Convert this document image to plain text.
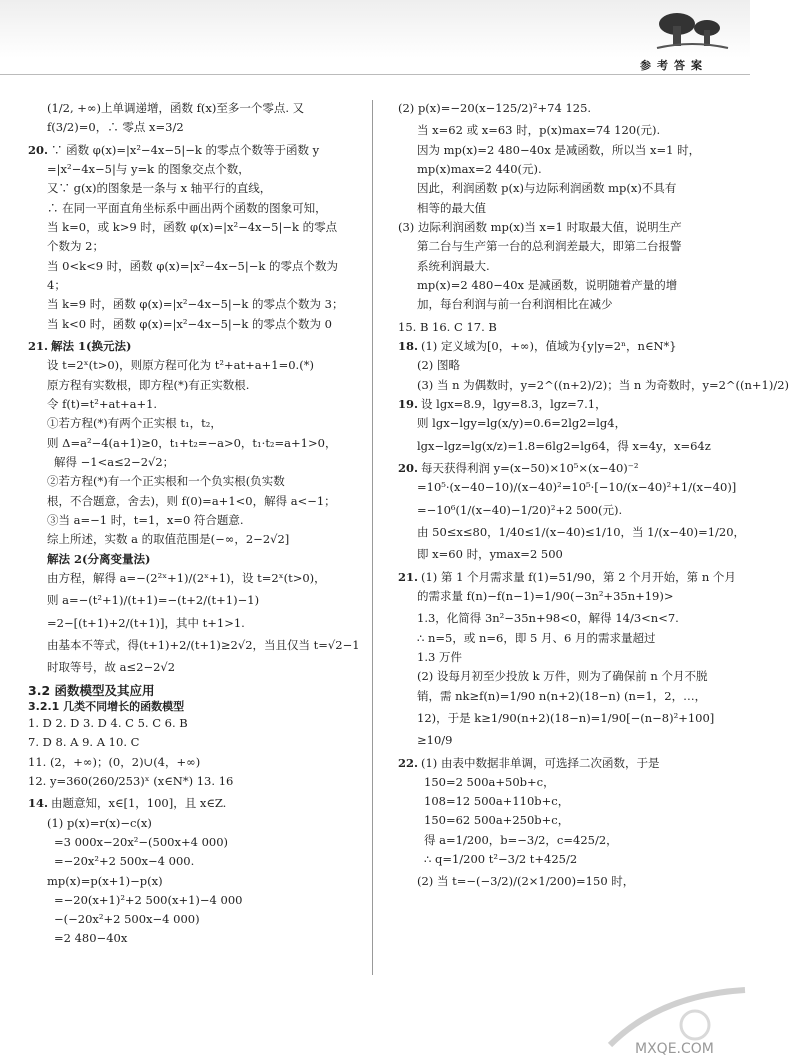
参考答案
(1/2, +∞)上单调递增，函数 f(x)至多一个零点. 又
f(3/2)=0，∴ 零点 x=3/2
20. ∵ 函数 φ(x)=|x²−4x−5|−k 的零点个数等于函数 y
=|x²−4x−5|与 y=k 的图象交点个数，
又∵ g(x)的图象是一条与 x 轴平行的直线，
∴ 在同一平面直角坐标系中画出两个函数的图象可知，
当 k=0，或 k>9 时，函数 φ(x)=|x²−4x−5|−k 的零点
个数为 2；
当 0<k<9 时，函数 φ(x)=|x²−4x−5|−k 的零点个数为
4；
当 k=9 时，函数 φ(x)=|x²−4x−5|−k 的零点个数为 3；
当 k<0 时，函数 φ(x)=|x²−4x−5|−k 的零点个数为 0
21. 解法 1(换元法)
设 t=2ˣ(t>0)，则原方程可化为 t²+at+a+1=0.(*)
原方程有实数根，即方程(*)有正实数根.
令 f(t)=t²+at+a+1.
①若方程(*)有两个正实根 t₁，t₂，
则 Δ=a²−4(a+1)≥0，t₁+t₂=−a>0，t₁·t₂=a+1>0，
解得 −1<a≤2−2√2；
②若方程(*)有一个正实根和一个负实根(负实数
根，不合题意，舍去)，则 f(0)=a+1<0，解得 a<−1；
③当 a=−1 时，t=1，x=0 符合题意.
综上所述，实数 a 的取值范围是(−∞，2−2√2]
解法 2(分离变量法)
由方程，解得 a=−(2²ˣ+1)/(2ˣ+1)，设 t=2ˣ(t>0)，
则 a=−(t²+1)/(t+1)=−(t+2/(t+1)−1)
=2−[(t+1)+2/(t+1)]，其中 t+1>1.
由基本不等式，得(t+1)+2/(t+1)≥2√2，当且仅当 t=√2−1
时取等号，故 a≤2−2√2
3.2 函数模型及其应用
3.2.1 几类不同增长的函数模型
1. D 2. D 3. D 4. C 5. C 6. B
7. D 8. A 9. A 10. C
11. (2，+∞)；(0，2)∪(4，+∞)
12. y=360(260/253)ˣ (x∈N*) 13. 16
14. 由题意知，x∈[1，100]，且 x∈Z.
(1) p(x)=r(x)−c(x)
=3 000x−20x²−(500x+4 000)
=−20x²+2 500x−4 000.
mp(x)=p(x+1)−p(x)
=−20(x+1)²+2 500(x+1)−4 000
−(−20x²+2 500x−4 000)
=2 480−40x
(2) p(x)=−20(x−125/2)²+74 125.
当 x=62 或 x=63 时，p(x)max=74 120(元).
因为 mp(x)=2 480−40x 是减函数，所以当 x=1 时，
mp(x)max=2 440(元).
因此，利润函数 p(x)与边际利润函数 mp(x)不具有
相等的最大值
(3) 边际利润函数 mp(x)当 x=1 时取最大值，说明生产
第二台与生产第一台的总利润差最大，即第二台报警
系统利润最大.
mp(x)=2 480−40x 是减函数，说明随着产量的增
加，每台利润与前一台利润相比在减少
15. B 16. C 17. B
18. (1) 定义域为[0，+∞)，值域为{y|y=2ⁿ，n∈N*}
(2) 图略
(3) 当 n 为偶数时，y=2^((n+2)/2)；当 n 为奇数时，y=2^((n+1)/2)
19. 设 lgx=8.9，lgy=8.3，lgz=7.1，
则 lgx−lgy=lg(x/y)=0.6=2lg2=lg4，
lgx−lgz=lg(x/z)=1.8=6lg2=lg64，得 x=4y，x=64z
20. 每天获得利润 y=(x−50)×10⁵×(x−40)⁻²
=10⁵·(x−40−10)/(x−40)²=10⁵·[−10/(x−40)²+1/(x−40)]
=−10⁶(1/(x−40)−1/20)²+2 500(元).
由 50≤x≤80，1/40≤1/(x−40)≤1/10，当 1/(x−40)=1/20，
即 x=60 时，ymax=2 500
21. (1) 第 1 个月需求量 f(1)=51/90，第 2 个月开始，第 n 个月
的需求量 f(n)−f(n−1)=1/90(−3n²+35n+19)>
1.3，化简得 3n²−35n+98<0，解得 14/3<n<7.
∴ n=5，或 n=6，即 5 月、6 月的需求量超过
1.3 万件
(2) 设每月初至少投放 k 万件，则为了确保前 n 个月不脱
销，需 nk≥f(n)=1/90 n(n+2)(18−n) (n=1，2，…，
12)，于是 k≥1/90(n+2)(18−n)=1/90[−(n−8)²+100]
≥10/9
22. (1) 由表中数据非单调，可选择二次函数，于是
150=2 500a+50b+c，
108=12 500a+110b+c，
150=62 500a+250b+c，
得 a=1/200，b=−3/2，c=425/2，
∴ q=1/200 t²−3/2 t+425/2
(2) 当 t=−(−3/2)/(2×1/200)=150 时，
MXQE.COM
